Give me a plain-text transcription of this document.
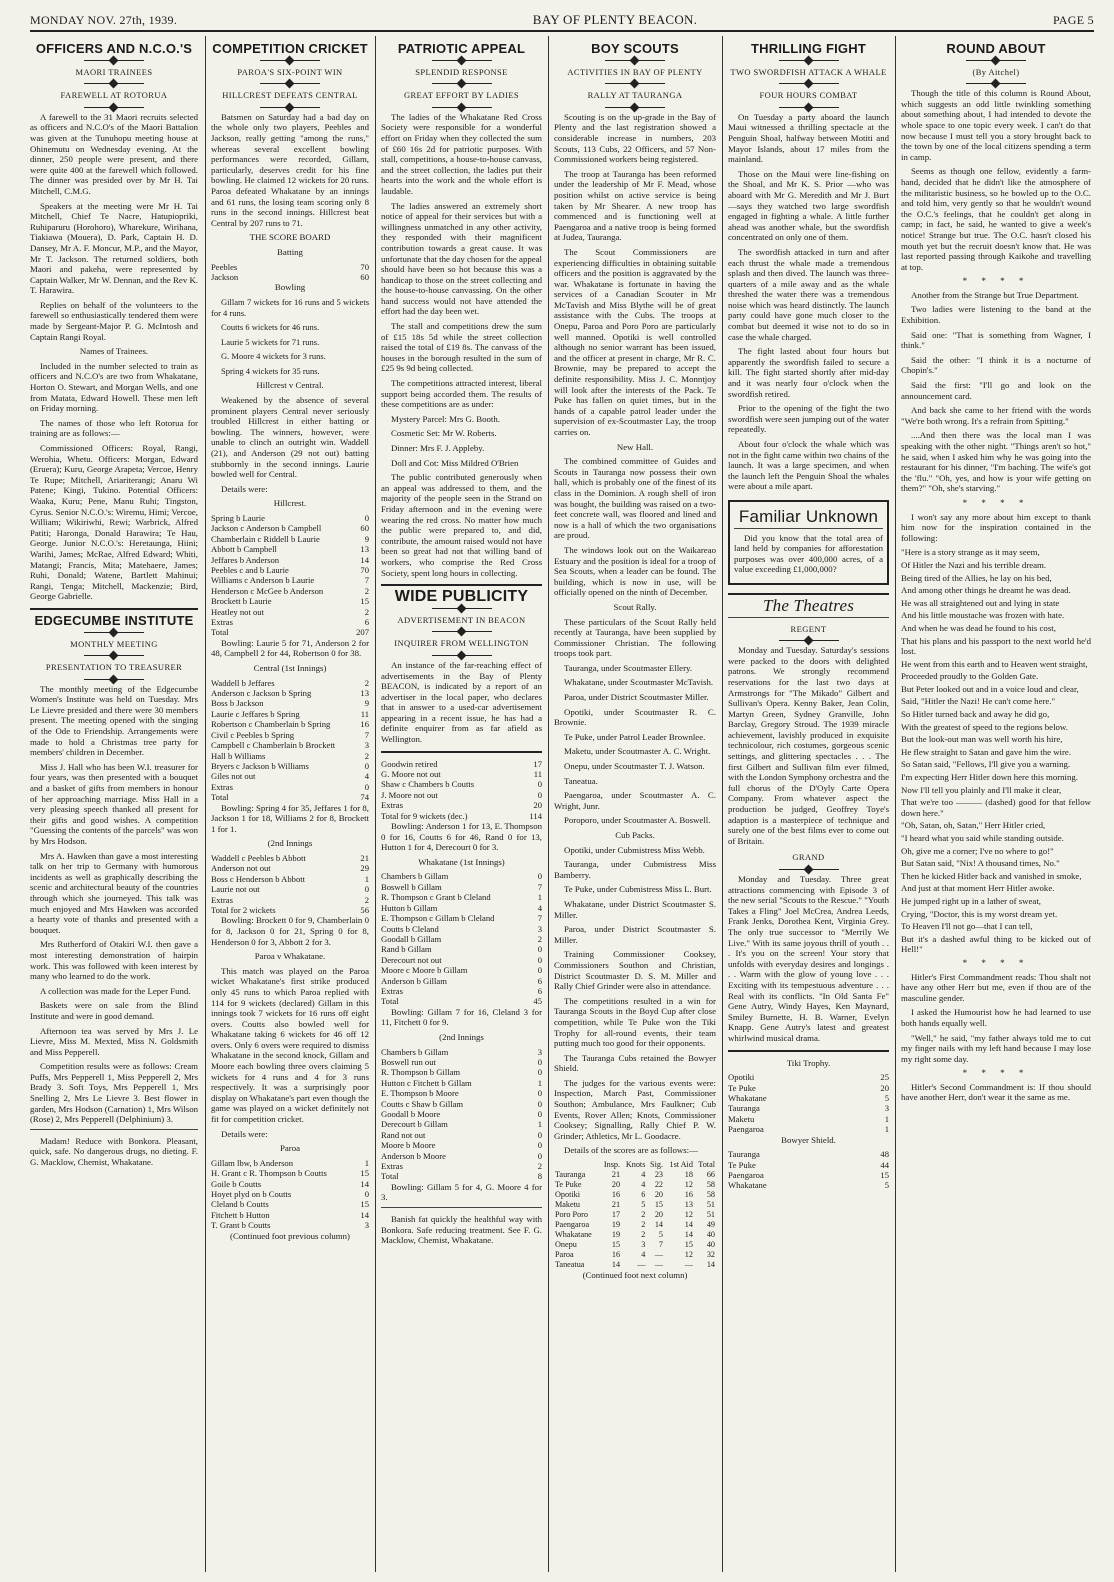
MONDAY NOV. 27th, 1939.	BAY OF PLENTY BEACON.	PAGE 5
OFFICERS AND N.C.O.'S
MAORI TRAINEES
FAREWELL AT ROTORUA

A farewell to the 31 Maori recruits selected as officers and N.C.O's of the Maori Battalion was given at the Tunuhopu meeting house at Ohinemutu on Wednesday evening. At the dinner, 250 people were present, and there were quite 400 at the farewell which followed. The dinner was presided over by Mr H. Tai Mitchell, C.M.G.

Speakers at the meeting were Mr H. Tai Mitchell, Chief Te Nacre, Hatupiopriki, Ruhiparuru (Horohoro), Wharekure, Wirihana, Tiakiawa (Mouera), D. Park, Captain H. D. Dansey, Mr A. F. Moncur, M.P., and the Mayor, Mr T. Jackson. The returned soldiers, both Maori and pakeha, were represented by Captain Walker, Mr W. Dennan, and the Rev K. T. Harawira.

Replies on behalf of the volunteers to the farewell so enthusiastically tendered them were made by Sergeant-Major P. G. McIntosh and Captain Rangi Royal.

Names of Trainees.

Included in the number selected to train as officers and N.C.O's are two from Whakatane, Horton O. Stewart, and Morgan Wells, and one from Matata, Edward Howell. These men left on Friday morning.

The names of those who left Rotorua for training are as follows:—

Commissioned Officers: Royal, Rangi, Werohia, Whetu. Officers: Morgan, Edward (Eruera); Kuru, George Arapeta; Vercoe, Henry Te Rupe; Mitchell, Ariariterangi; Anaru Wi Patene; Kingi, Tukino. Potential Officers: Waaka, Kuru; Pene, Manu Ruhi; Tingston, Cyrus. Senior N.C.O.'s: Wiremu, Himi; Vercoe, William; Wikiriwhi, Rewi; Warbrick, Alfred Patiti; Haronga, Donald Harawira; Te Hau, George. Junior N.C.O.'s: Heretaunga, Hiini; Warihi, James; McRae, Alfred Edward; Whiti, Matangi; Francis, Mita; Matehaere, James; Ruhi, Donald; Watene, Bartlett Mahinui; Rangi, Tenga; Mitchell, Mackenzie; Bird, George Gabrielle.

EDGECUMBE INSTITUTE
MONTHLY MEETING
PRESENTATION TO TREASURER

The monthly meeting of the Edgecumbe Women's Institute was held on Tuesday. Mrs Le Lievre presided and there were 30 members present. The meeting opened with the singing of the Ode to Friendship. Arrangements were made to hold a Christmas tree party for members' children in December.

Miss J. Hall who has been W.I. treasurer for four years, was then presented with a bouquet and a basket of gifts from members in honour of her approaching marriage. Miss Hall in a very pleasing speech thanked all present for their gifts and good wishes. A competition "Guessing the contents of the parcels" was won by Mrs Hodson.

Mrs A. Hawken than gave a most interesting talk on her trip to Germany with humorous incidents as well as graphically describing the scenic and architectural beauty of the countries through which she journeyed. This talk was much enjoyed and Mrs Hawken was accorded a hearty vote of thanks and presented with a bouquet.

Mrs Rutherford of Otakiri W.I. then gave a most interesting demonstration of hairpin work. This was followed with keen interest by many who learned to do the work.

A collection was made for the Leper Fund.

Baskets were on sale from the Blind Institute and were in good demand.

Afternoon tea was served by Mrs J. Le Lievre, Miss M. Mexted, Miss N. Goldsmith and Miss Pepperell.

Competition results were as follows: Cream Puffs, Mrs Pepperell 1, Miss Pepperell 2, Mrs Brady 3. Soft Toys, Mrs Pepperell 1, Mrs Snelling 2, Mrs Le Lievre 3. Best flower in garden, Mrs Hodson (Carnation) 1, Mrs Wilson (Rose) 2, Mrs Pepperell (Delphinium) 3.

Madam! Reduce with Bonkora. Pleasant, quick, safe. No dangerous drugs, no dieting. F. G. Macklow, Chemist, Whakatane.

COMPETITION CRICKET
PAROA'S SIX-POINT WIN
HILLCREST DEFEATS CENTRAL

Batsmen on Saturday had a bad day on the whole only two players, Peebles and Jackson, really getting "among the runs," whereas several excellent bowling performances were recorded, Gillam, particularly, deserves credit for his fine bowling. He claimed 12 wickets for 20 runs. Paroa defeated Whakatane by an innings and 61 runs, the losing team scoring only 8 runs in the second innings. Hillcrest beat Central by 207 runs to 71.

THE SCORE BOARD

Batting

Peebles	70
Jackson	60

Bowling

Gillam 7 wickets for 16 runs and 5 wickets for 4 runs.

Coutts 6 wickets for 46 runs.

Laurie 5 wickets for 71 runs.

G. Moore 4 wickets for 3 runs.

Spring 4 wickets for 35 runs.

Hillcrest v Central.

Weakened by the absence of several prominent players Central never seriously troubled Hillcrest in either batting or bowling. The winners, however, were unable to clinch an outright win. Waddell (21), and Anderson (29 not out) batting stubbornly in the second innings. Laurie bowled well for Central.

Details were:

Hillcrest.

Spring b Laurie	0
Jackson c Anderson b Campbell	60
Chamberlain c Riddell b Laurie	9
Abbott b Campbell	13
Jeffares b Anderson	14
Peebles c and b Laurie	70
Williams c Anderson b Laurie	7
Henderson c McGee b Anderson	2
Brockett b Laurie	15
Heatley not out	2
Extras	6
Total	207

Bowling: Laurie 5 for 71, Anderson 2 for 48, Campbell 2 for 44, Robertson 0 for 38.

Central (1st Innings)

Waddell b Jeffares	2
Anderson c Jackson b Spring	13
Boss b Jackson	9
Laurie c Jeffares b Spring	11
Robertson c Chamberlain b Spring	16
Civil c Peebles b Spring	7
Campbell c Chamberlain b Brockett	3
Hall b Williams	2
Bryers c Jackson b Williams	0
Giles not out	4
Extras	0
Total	74

Bowling: Spring 4 for 35, Jeffares 1 for 8, Jackson 1 for 18, Williams 2 for 8, Brockett 1 for 1.

(2nd Innings

Waddell c Peebles b Abbott	21
Anderson not out	29
Boss c Henderson b Abbott	1
Laurie not out	0
Extras	2
Total for 2 wickets	56

Bowling: Brockett 0 for 9, Chamberlain 0 for 8, Jackson 0 for 21, Spring 0 for 8, Henderson 0 for 3, Abbott 2 for 3.

Paroa v Whakatane.

This match was played on the Paroa wicket Whakatane's first strike produced only 45 runs to which Paroa replied with 114 for 9 wickets (declared) Gillam in this innings took 7 wickets for 16 runs off eight overs. Coutts also bowled well for Whakatane taking 6 wickets for 46 off 12 overs. Only 6 overs were required to dismiss Whakatane in the second knock, Gillam and Moore each bowling three overs claiming 5 wickets for 4 runs and 4 for 3 runs respectively. It was a surprisingly poor display on Whakatane's part even though the game was played on a wicket definitely not fit for competition cricket.

Details were:

Paroa

Gillam lbw, b Anderson	1
H. Grant c R. Thompson b Coutts	15
Goile b Coutts	14
Hoyet plyd on b Coutts	0
Cleland b Coutts	15
Fitchett b Hutton	14
T. Grant b Coutts	3

(Continued foot previous column)

PATRIOTIC APPEAL
SPLENDID RESPONSE
GREAT EFFORT BY LADIES

The ladies of the Whakatane Red Cross Society were responsible for a wonderful effort on Friday when they collected the sum of £60 16s 2d for patriotic purposes. With stall, competitions, a house-to-house canvass, and the street collection, the ladies put their hearts into the work and the whole effort is laudable.

The ladies answered an extremely short notice of appeal for their services but with a willingness unmatched in any other activity, they responded with their magnificent contribution towards a great cause. It was unfortunate that the day chosen for the appeal should have been so hot because this was a handicap to those on the street collecting and the house-to-house canvassing. On the other hand success would not have attended the effort had the day been wet.

The stall and competitions drew the sum of £15 18s 5d while the street collection raised the total of £19 8s. The canvass of the houses in the borough resulted in the sum of £25 9s 9d being collected.

The competitions attracted interest, liberal support being accorded them. The results of these competitions are as under:

Mystery Parcel: Mrs G. Booth.

Cosmetic Set: Mr W. Roberts.

Dinner: Mrs F. J. Appleby.

Doll and Cot: Miss Mildred O'Brien

The public contributed generously when an appeal was addressed to them, and the majority of the people seen in the Strand on Friday afternoon and in the evening were wearing the red cross. No matter how much the public were prepared to, and did, contribute, the amount raised would not have been so great had not that willing band of workers, who comprise the Red Cross Society, spent long hours in collecting.

WIDE PUBLICITY
ADVERTISEMENT IN BEACON
INQUIRER FROM WELLINGTON

An instance of the far-reaching effect of advertisements in the Bay of Plenty BEACON, is indicated by a report of an advertiser in the local paper, who declares that in answer to a used-car advertisement appearing in a recent issue, he has had a definite enquirer from as far afield as Wellington.

Goodwin retired	17
G. Moore not out	11
Shaw c Chambers b Coutts	0
J. Moore not out	0
Extras	20
Total for 9 wickets (dec.)	114

Bowling: Anderson 1 for 13, E. Thompson 0 for 16, Coutts 6 for 46, Rand 0 for 13, Hutton 1 for 4, Derecourt 0 for 3.

Whakatane (1st Innings)

Chambers b Gillam	0
Boswell b Gillam	7
R. Thompson c Grant b Cleland	1
Hutton b Gillam	4
E. Thompson c Gillam b Cleland	7
Coutts b Cleland	3
Goodall b Gillam	2
Rand b Gillam	0
Derecourt not out	0
Moore c Moore b Gillam	0
Anderson b Gillam	6
Extras	6
Total	45

Bowling: Gillam 7 for 16, Cleland 3 for 11, Fitchett 0 for 9.

(2nd Innings

Chambers b Gillam	3
Boswell run out	0
R. Thompson b Gillam	0
Hutton c Fitchett b Gillam	1
E. Thompson b Moore	0
Coutts c Shaw b Gillam	0
Goodall b Moore	0
Derecourt b Gillam	1
Rand not out	0
Moore b Moore	0
Anderson b Moore	0
Extras	2
Total	8

Bowling: Gillam 5 for 4, G. Moore 4 for 3.

Banish fat quickly the healthful way with Bonkora. Safe reducing treatment. See F. G. Macklow, Chemist, Whakatane.

BOY SCOUTS
ACTIVITIES IN BAY OF PLENTY
RALLY AT TAURANGA

Scouting is on the up-grade in the Bay of Plenty and the last registration showed a considerable increase in numbers, 203 Scouts, 113 Cubs, 22 Officers, and 57 Non-Commissioned workers being registered.

The troop at Tauranga has been reformed under the leadership of Mr F. Mead, whose position whilst on active service is being taken by Mr Shearer. A new troop has commenced and is functioning well at Paengaroa and a native troop is being formed at Judea, Tauranga.

The Scout Commissioners are experiencing difficulties in obtaining suitable officers and the position is aggravated by the war. Whakatane is fortunate in having the services of a Canadian Scouter in Mr McTavish and Miss Blythe will be of great assistance with the Cubs. The troops at Onepu, Paroa and Poro Poro are particularly well manned. Opotiki is well controlled although no senior warrant has been issued, and the officer at present in charge, Mr R. C. Brownie, may be prepared to accept the definite responsibility. Miss J. C. Monntjoy will look after the interests of the Pack. Te Puke has fallen on quiet times, but in the hands of a capable patrol leader under the supervision of ex-Scoutmaster Lay, the troop carries on.

New Hall.

The combined committee of Guides and Scouts in Tauranga now possess their own hall, which is probably one of the finest of its class in the Dominion. A rough shell of iron was bought, the building was raised on a two-feet concrete wall, was floored and lined and now is a hall of which the two organisations are proud.

The windows look out on the Waikareao Estuary and the position is ideal for a troop of Sea Scouts, when a leader can be found. The building, which is now in use, will be officially opened on the ninth of December.

Scout Rally.

These particulars of the Scout Rally held recently at Tauranga, have been supplied by Commissioner Christian. The following troops took part.

Tauranga, under Scoutmaster Ellery.

Whakatane, under Scoutmaster McTavish.

Paroa, under District Scoutmaster Miller.

Opotiki, under Scoutmaster R. C. Brownie.

Te Puke, under Patrol Leader Brownlee.

Maketu, under Scoutmaster A. C. Wright.

Onepu, under Scoutmaster T. J. Watson.

Taneatua.

Paengaroa, under Scoutmaster A. C. Wright, Junr.

Poroporo, under Scoutmaster A. Boswell.

Cub Packs.

Opotiki, under Cubmistress Miss Webb.

Tauranga, under Cubmistress Miss Bamberry.

Te Puke, under Cubmistress Miss L. Burt.

Whakatane, under District Scoutmaster S. Miller.

Paroa, under District Scoutmaster S. Miller.

Training Commissioner Cooksey, Commissioners Southon and Christian, District Scoutmaster D. S. M. Miller and Rally Chief Grinder were also in attendance.

The competitions resulted in a win for Tauranga Scouts in the Boyd Cup after close competition, while Te Puke won the Tiki Trophy for all-round events, their team putting much too good for their opponents.

The Tauranga Cubs retained the Bowyer Shield.

The judges for the various events were: Inspection, March Past, Commissioner Southon; Ambulance, Mrs Faulkner; Cub Events, Rover Allen; Knots, Commissioner Cooksey; Signalling, Rally Chief P. W. Grinder; Athletics, Mr L. Goodacre.

Details of the scores are as follows:—

	Insp.	Knots	Sig.	1st Aid	Total
Tauranga	21	4	23	18	66
Te Puke	20	4	22	12	58
Opotiki	16	6	20	16	58
Maketu	21	5	15	13	51
Poro Poro	17	2	20	12	51
Paengaroa	19	2	14	14	49
Whakatane	19	2	5	14	40
Onepu	15	3	7	15	40
Paroa	16	4	—	12	32
Taneatua	14	—	—	—	14

(Continued foot next column)

THRILLING FIGHT
TWO SWORDFISH ATTACK A WHALE
FOUR HOURS COMBAT

On Tuesday a party aboard the launch Maui witnessed a thrilling spectacle at the Penguin Shoal, halfway between Motiti and Mayor Islands, about 17 miles from the mainland.

Those on the Maui were line-fishing on the Shoal, and Mr K. S. Prior —who was aboard with Mr G. Meredith and Mr J. Burt—says they watched two large swordfish engaged in fighting a whale. A little further ahead was another whale, but the swordfish concentrated on only one of them.

The swordfish attacked in turn and after each thrust the whale made a tremendous splash and then dived. The launch was three-quarters of a mile away and as the whale threshed the water there was a tremendous noise which was heard distinctly. The launch party could have gone much closer to the combat but deemed it wise not to do so in case the whale charged.

The fight lasted about four hours but apparently the swordfish failed to secure a kill. The fight started shortly after mid-day and it was nearly four o'clock when the swordfish retired.

Prior to the opening of the fight the two swordfish were seen jumping out of the water repeatedly.

About four o'clock the whale which was not in the fight came within two chains of the launch. It was a large specimen, and when the launch left the Penguin Shoal the whales were about a mile apart.

Familiar Unknown

Did you know that the total area of land held by companies for afforestation purposes was over 400,000 acres, of a value exceeding £1,000,000?

The Theatres
REGENT

Monday and Tuesday. Saturday's sessions were packed to the doors with delighted patrons. We strongly recommend reservations for the last two days at Armstrongs for "The Mikado" Gilbert and Sullivan's Opera. Kenny Baker, Jean Colin, Martyn Green, Sydney Granville, John Barclay, Gregory Stroud. The 1939 miracle achievement, lavishly produced in exquisite technicolour, rich costumes, gorgeous scenic settings, and glittering spectacles . . . The first Gilbert and Sullivan film ever filmed, with the London Symphony orchestra and the full chorus of the D'Oyly Carte Opera Company. From whatever aspect the production be judged, Geoffrey Toye's adaption is a masterpiece of technique and surely one of the best films ever to come out of Britain.

GRAND

Monday and Tuesday. Three great attractions commencing with Episode 3 of the new serial "Scouts to the Rescue." "Youth Takes a Fling" Joel McCrea, Andrea Leeds, Frank Jenks, Dorothea Kent, Virginia Grey. The only true successor to "Merrily We Live." With its same joyous thrill of youth . . . It's you on the screen! Your story that unfolds with everyday desires and longings . . . Warm with the glow of young love . . . Exciting with its tempestuous adventure . . . Real with its conflicts. "In Old Santa Fe" Gene Autry, Windy Hayes, Ken Maynard, Smiley Burnette, H. B. Warner, Evelyn Knapp. Gene Autry's latest and greatest whirlwind musical drama.

Tiki Trophy.

Opotiki	25
Te Puke	20
Whakatane	5
Tauranga	3
Maketu	1
Paengaroa	1

Bowyer Shield.

Tauranga	48
Te Puke	44
Paengaroa	15
Whakatane	5
ROUND ABOUT
(By Aitchel)

Though the title of this column is Round About, which suggests an odd little twinkling something about something about, I had intended to devote the whole space to one topic every week. I can't do that now because I must tell you a story brought back to the town by one of the local citizens spending a term in camp.

Seems as though one fellow, evidently a farm-hand, decided that he didn't like the atmosphere of the militaristic business, so he bowled up to the O.C. and told him, very gently so that he wouldn't wound the O.C.'s feelings, that he couldn't get along in camp; in fact, he said, he wanted to give a week's notice! Strange but true. The O.C. hasn't closed his mouth yet but the recruit doesn't know that. He was last reported passing through Kaikohe and travelling at top.

* * * *

Another from the Strange but True Department.

Two ladies were listening to the band at the Exhibition.

Said one: "That is something from Wagner, I think."

Said the other: "I think it is a nocturne of Chopin's."

Said the first: "I'll go and look on the announcement card.

And back she came to her friend with the words "We're both wrong. It's a refrain from Spitting."

....And then there was the local man I was speaking with the other night. "Things aren't so hot," he said, when I asked him why he was going into the restaurant for his dinner, "I'm baching. The wife's got the 'flu." "Oh, yes, and how is your wife getting on them?" "Oh, she's starving."

* * * *

I won't say any more about him except to thank him now for the inspiration contained in the following:

"Here is a story strange as it may seem,

Of Hitler the Nazi and his terrible dream.

Being tired of the Allies, he lay on his bed,

And among other things he dreamt he was dead.

He was all straightened out and lying in state

And his little moustache was frozen with hate.

And when he was dead he found to his cost,

That his plans and his passport to the next world he'd lost.

He went from this earth and to Heaven went straight,

Proceeded proudly to the Golden Gate.

But Peter looked out and in a voice loud and clear,

Said, "Hitler the Nazi! He can't come here."

So Hitler turned back and away he did go,

With the greatest of speed to the regions below.

But the look-out man was well worth his hire,

He flew straight to Satan and gave him the wire.

So Satan said, "Fellows, I'll give you a warning.

I'm expecting Herr Hitler down here this morning.

Now I'll tell you plainly and I'll make it clear,

That we're too ——— (dashed) good for that fellow down here."

"Oh, Satan, oh, Satan," Herr Hitler cried,

"I heard what you said while standing outside.

Oh, give me a corner; I've no where to go!"

But Satan said, "Nix! A thousand times, No."

Then he kicked Hitler back and vanished in smoke,

And just at that moment Herr Hitler awoke.

He jumped right up in a lather of sweat,

Crying, "Doctor, this is my worst dream yet.

To Heaven I'll not go—that I can tell,

But it's a dashed awful thing to be kicked out of Hell!"

* * * *

Hitler's First Commandment reads: Thou shalt not have any other Herr but me, even if thou are of the masculine gender.

I asked the Humourist how he had learned to use both hands equally well.

"Well," he said, "my father always told me to cut my finger nails with my left hand because I may lose my right some day.

* * * *

Hitler's Second Commandment is: If thou should have another Herr, don't wear it the same as me.
